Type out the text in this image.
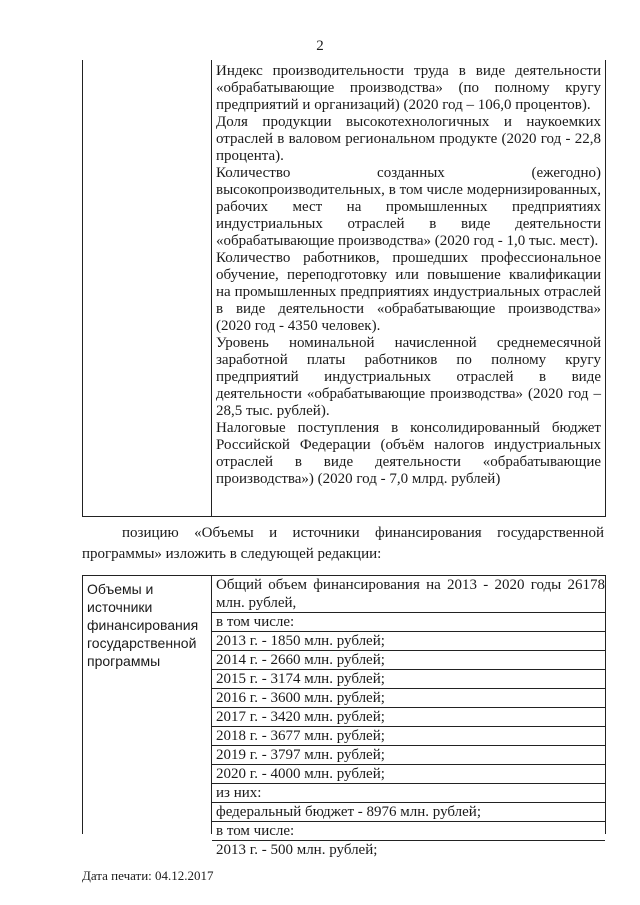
2

Индекс производительности труда в виде деятельности «обрабатывающие производства» (по полному кругу предприятий и организаций) (2020 год – 106,0 процентов).

Доля продукции высокотехнологичных и наукоемких отраслей в валовом региональном продукте (2020 год - 22,8 процента).

Количество созданных (ежегодно) высокопроизводительных, в том числе модернизированных, рабочих мест на промышленных предприятиях индустриальных отраслей в виде деятельности «обрабатывающие производства» (2020 год - 1,0 тыс. мест).

Количество работников, прошедших профессиональное обучение, переподготовку или повышение квалификации на промышленных предприятиях индустриальных отраслей в виде деятельности «обрабатывающие производства» (2020 год - 4350 человек).

Уровень номинальной начисленной среднемесячной заработной платы работников по полному кругу предприятий индустриальных отраслей в виде деятельности «обрабатывающие производства» (2020 год – 28,5 тыс. рублей).

Налоговые поступления в консолидированный бюджет Российской Федерации (объём налогов индустриальных отраслей в виде деятельности «обрабатывающие производства») (2020 год - 7,0 млрд. рублей)

позицию «Объемы и источники финансирования государственной программы» изложить в следующей редакции:

Объемы и источники финансирования государственной программы
Общий объем финансирования на 2013 - 2020 годы 26178 млн. рублей,
в том числе:
2013 г. - 1850 млн. рублей;
2014 г. - 2660 млн. рублей;
2015 г. - 3174 млн. рублей;
2016 г. - 3600 млн. рублей;
2017 г. - 3420 млн. рублей;
2018 г. - 3677 млн. рублей;
2019 г. - 3797 млн. рублей;
2020 г. - 4000 млн. рублей;
из них:
федеральный бюджет - 8976 млн. рублей;
в том числе:
2013 г. - 500 млн. рублей;
Дата печати: 04.12.2017
